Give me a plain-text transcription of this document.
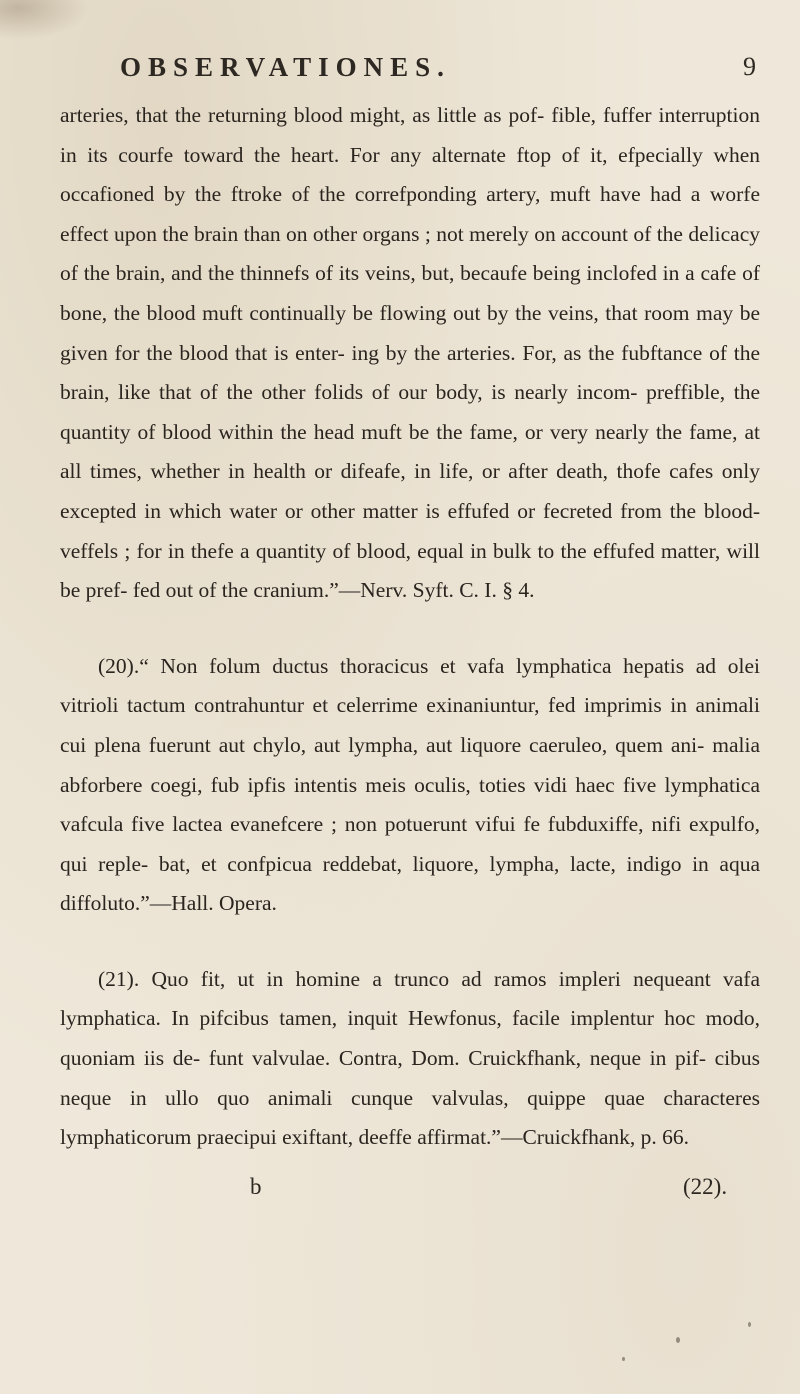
OBSERVATIONES.	9

arteries, that the returning blood might, as little as pof- fible, fuffer interruption in its courfe toward the heart. For any alternate ftop of it, efpecially when occafioned by the ftroke of the correfponding artery, muft have had a worfe effect upon the brain than on other organs ; not merely on account of the delicacy of the brain, and the thinnefs of its veins, but, becaufe being inclofed in a cafe of bone, the blood muft continually be flowing out by the veins, that room may be given for the blood that is enter- ing by the arteries. For, as the fubftance of the brain, like that of the other folids of our body, is nearly incom- preffible, the quantity of blood within the head muft be the fame, or very nearly the fame, at all times, whether in health or difeafe, in life, or after death, thofe cafes only excepted in which water or other matter is effufed or fecreted from the blood-veffels ; for in thefe a quantity of blood, equal in bulk to the effufed matter, will be pref- fed out of the cranium.”—Nerv. Syft. C. I. § 4.

(20).“ Non folum ductus thoracicus et vafa lymphatica hepatis ad olei vitrioli tactum contrahuntur et celerrime exinaniuntur, fed imprimis in animali cui plena fuerunt aut chylo, aut lympha, aut liquore caeruleo, quem ani- malia abforbere coegi, fub ipfis intentis meis oculis, toties vidi haec five lymphatica vafcula five lactea evanefcere ; non potuerunt vifui fe fubduxiffe, nifi expulfo, qui reple- bat, et confpicua reddebat, liquore, lympha, lacte, indigo in aqua diffoluto.”—Hall. Opera.

(21). Quo fit, ut in homine a trunco ad ramos impleri nequeant vafa lymphatica. In pifcibus tamen, inquit Hewfonus, facile implentur hoc modo, quoniam iis de- funt valvulae. Contra, Dom. Cruickfhank, neque in pif- cibus neque in ullo quo animali cunque valvulas, quippe quae characteres lymphaticorum praecipui exiftant, deeffe affirmat.”—Cruickfhank, p. 66.

b	(22).
